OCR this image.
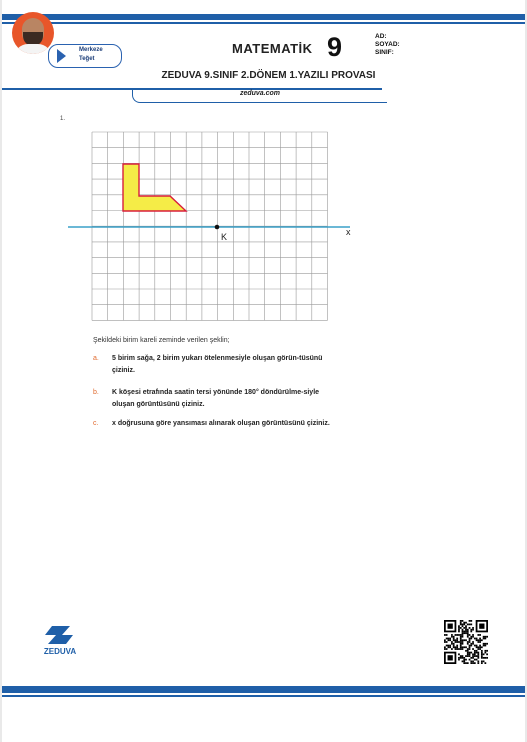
Merkeze
Teğet
MATEMATİK 9	AD:
SOYAD:
SINIF:
ZEDUVA 9.SINIF 2.DÖNEM 1.YAZILI PROVASI
zeduva.com
1.
K	x
Şekildeki birim kareli zeminde verilen şeklin;
a. 5 birim sağa, 2 birim yukarı ötelenmesiyle oluşan görün-tüsünü çiziniz.
b. K köşesi etrafında saatin tersi yönünde 180° döndürülme-siyle oluşan görüntüsünü çiziniz.
c. x doğrusuna göre yansıması alınarak oluşan görüntüsünü çiziniz.
ZEDUVA
